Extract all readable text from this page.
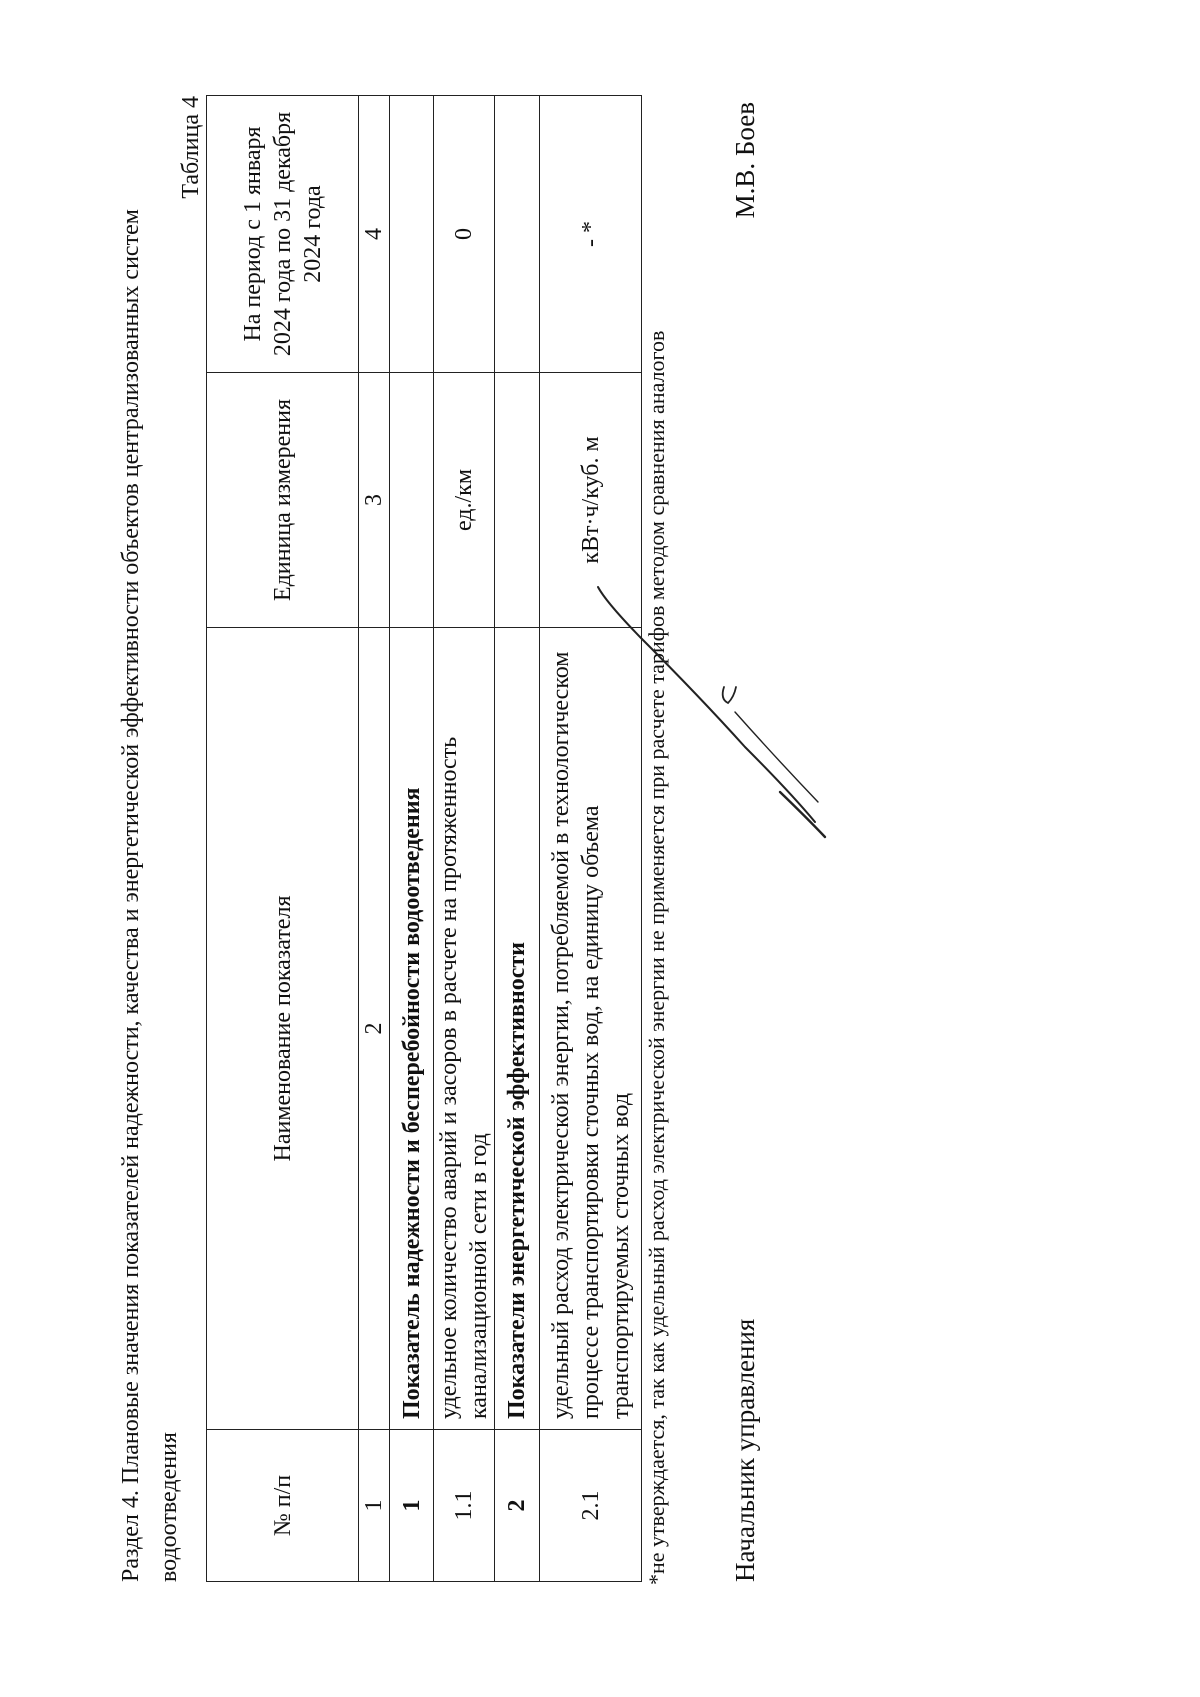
Раздел 4. Плановые значения показателей надежности, качества и энергетической эффективности объектов централизованных систем водоотведения
Таблица 4
№ п/п	Наименование показателя	Единица измерения	На период с 1 января 2024 года по 31 декабря 2024 года
1	2	3	4
1	Показатель надежности и бесперебойности водоотведения		
1.1	удельное количество аварий и засоров в расчете на протяженность канализационной сети в год	ед./км	0
2	Показатели энергетической эффективности		
2.1	удельный расход электрической энергии, потребляемой в технологическом процессе транспортировки сточных вод, на единицу объема транспортируемых сточных вод	кВт·ч/куб. м	- *
*не утверждается, так как удельный расход электрической энергии не применяется при расчете тарифов методом сравнения аналогов Начальник управления
М.В. Боев
